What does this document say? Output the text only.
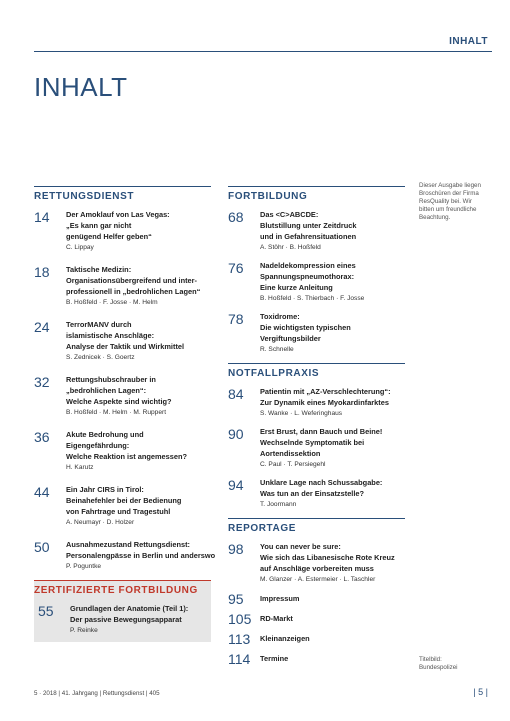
INHALT
INHALT
RETTUNGSDIENST
14	Der Amoklauf von Las Vegas:
„Es kann gar nicht
genügend Helfer geben“
C. Lippay
18	Taktische Medizin:
Organisationsübergreifend und inter-
professionell in „bedrohlichen Lagen“
B. Hoßfeld · F. Josse · M. Helm
24	TerrorMANV durch
islamistische Anschläge:
Analyse der Taktik und Wirkmittel
S. Zednicek · S. Goertz
32	Rettungshubschrauber in
„bedrohlichen Lagen“:
Welche Aspekte sind wichtig?
B. Hoßfeld · M. Helm · M. Ruppert
36	Akute Bedrohung und
Eigengefährdung:
Welche Reaktion ist angemessen?
H. Karutz
44	Ein Jahr CIRS in Tirol:
Beinahefehler bei der Bedienung
von Fahrtrage und Tragestuhl
A. Neumayr · D. Holzer
50	Ausnahmezustand Rettungsdienst:
Personalengpässe in Berlin und anderswo
P. Poguntke
ZERTIFIZIERTE FORTBILDUNG
55	Grundlagen der Anatomie (Teil 1):
Der passive Bewegungsapparat
P. Reinke
FORTBILDUNG
68	Das <C>ABCDE:
Blutstillung unter Zeitdruck
und in Gefahrensituationen
A. Stöhr · B. Hoßfeld
76	Nadeldekompression eines
Spannungspneumothorax:
Eine kurze Anleitung
B. Hoßfeld · S. Thierbach · F. Josse
78	Toxidrome:
Die wichtigsten typischen
Vergiftungsbilder
R. Schnelle
NOTFALLPRAXIS
84	Patientin mit „AZ-Verschlechterung“:
Zur Dynamik eines Myokardinfarktes
S. Wanke · L. Weferinghaus
90	Erst Brust, dann Bauch und Beine!
Wechselnde Symptomatik bei
Aortendissektion
C. Paul · T. Persiegehl
94	Unklare Lage nach Schussabgabe:
Was tun an der Einsatzstelle?
T. Joormann
REPORTAGE
98	You can never be sure:
Wie sich das Libanesische Rote Kreuz
auf Anschläge vorbereiten muss
M. Glanzer · A. Estermeier · L. Taschler
95	Impressum
105	RD-Markt
113	Kleinanzeigen
114	Termine
Dieser Ausgabe liegen
Broschüren der Firma
ResQuality bei. Wir
bitten um freundliche
Beachtung.
Titelbild:
Bundespolizei
5 · 2018 | 41. Jahrgang | Rettungsdienst | 405	| 5 |
